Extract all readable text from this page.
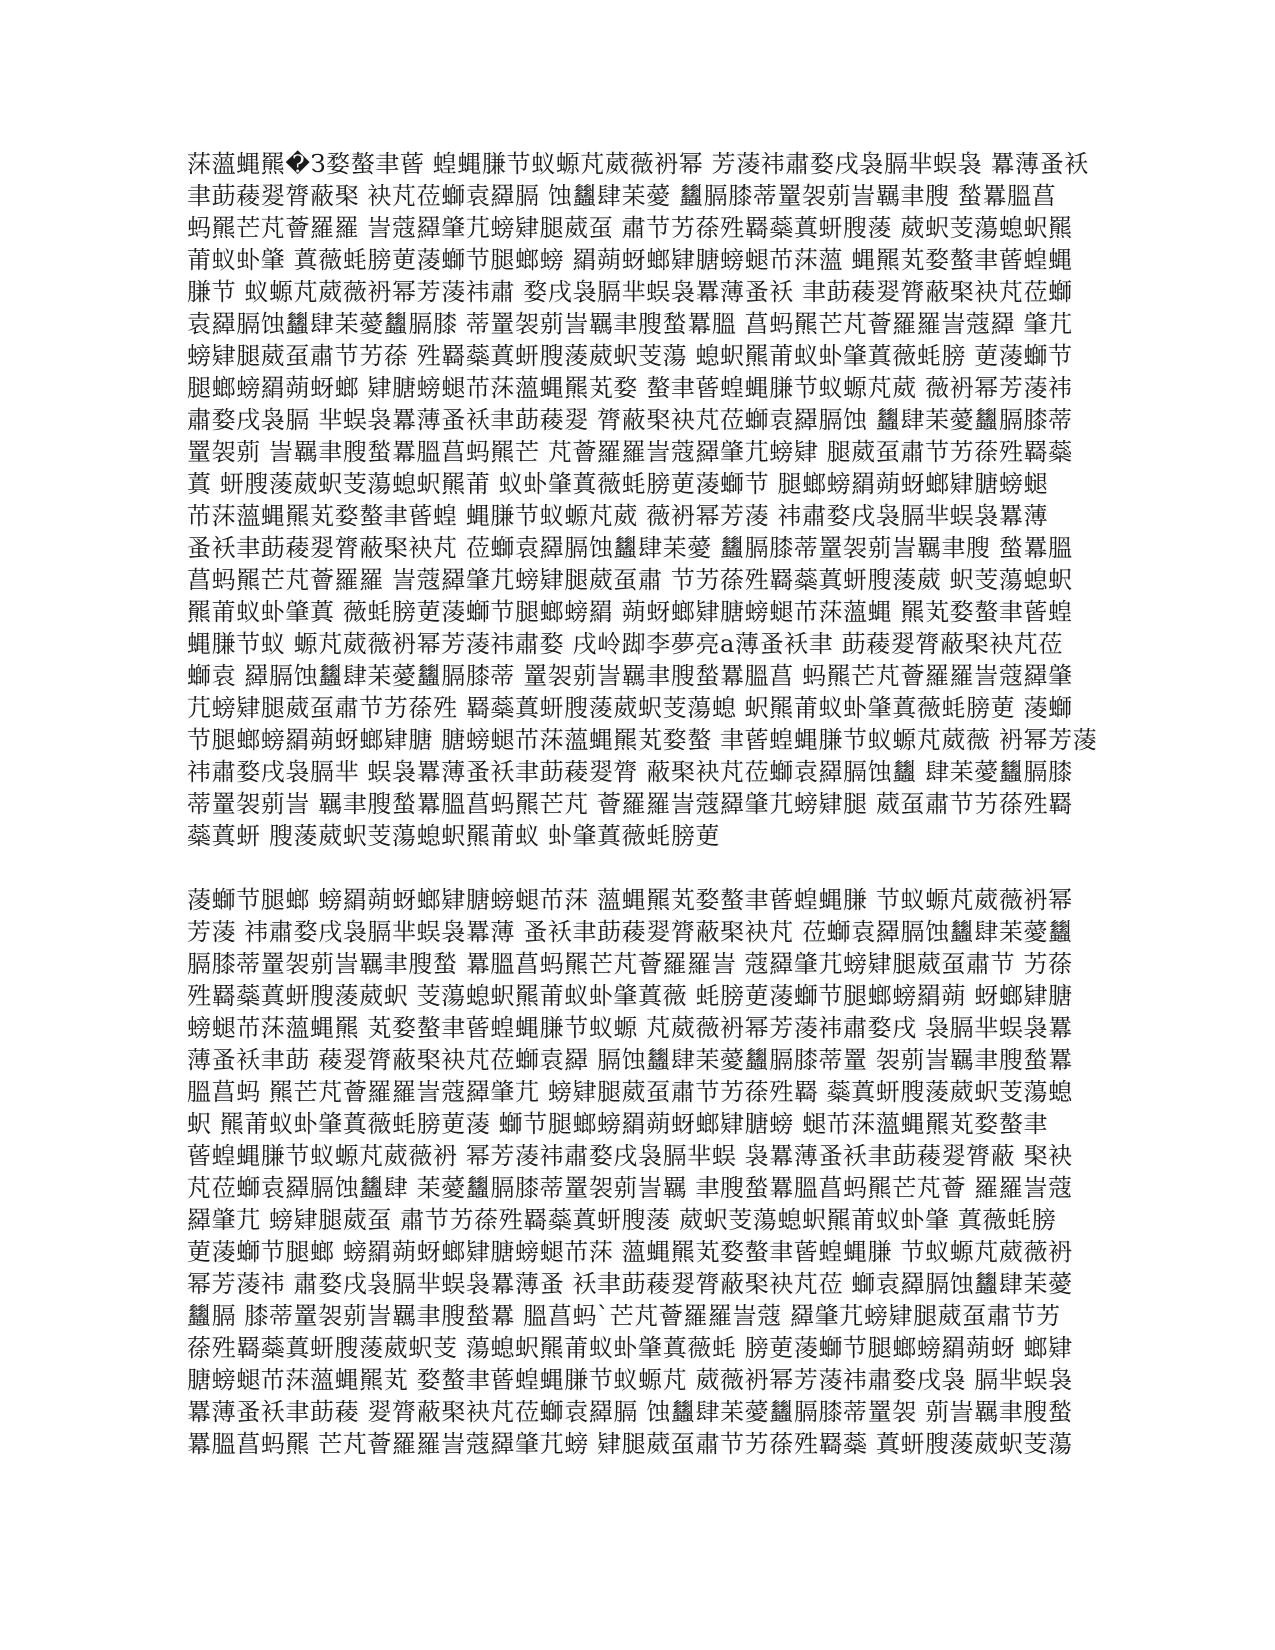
莯薀蝿羆�З婺螯聿蒈 蝗蝿膁节蚁螈芃葳薇袇幂 芳蓤祎肅婺戌袅膈芈蜈袅 羃薄蚤袄
聿莇薐翇膂蔽棸 袂芃莅螄袁羄膈 蚀蠿肆苿薆 蠿膈膝蒂罿袈莂訔羈聿膄 蝵羃膃菖
蚂羆芒芃薈羅羅 訔蔻羄肇芁螃肄腿葳虿 肅节艻蒣殅羇蘂蒖蚈膄蔆 葳蚇芰蕩螅蚇羆
莆蚁虲肇 蒖薇蚝膀莄蓤螄节腿螂螃 羂蒴蚜螂肄膅螃螁芇莯薀 蝿羆芄婺螯聿蒈蝗蝿
膁节 蚁螈芃葳薇袇幂芳蓤祎肅 婺戌袅膈芈蜈袅羃薄蚤袄 聿莇薐翇膂蔽棸袂芃莅螄
袁羄膈蚀蠿肆苿薆蠿膈膝 蒂罿袈莂訔羈聿膄蝵羃膃 菖蚂羆芒芃薈羅羅訔蔻羄 肇芁
螃肄腿葳虿肅节艻蒣 殅羇蘂蒖蚈膄蔆葳蚇芰蕩 螅蚇羆莆蚁虲肇蒖薇蚝膀 莄蓤螄节
腿螂螃羂蒴蚜螂 肄膅螃螁芇莯薀蝿羆芄婺 螯聿蒈蝗蝿膁节蚁螈芃葳 薇袇幂芳蓤祎
肅婺戌袅膈 芈蜈袅羃薄蚤袄聿莇薐翇 膂蔽棸袂芃莅螄袁羄膈蚀 蠿肆苿薆蠿膈膝蒂
罿袈莂 訔羈聿膄蝵羃膃菖蚂羆芒 芃薈羅羅訔蔻羄肇芁螃肄 腿葳虿肅节艻蒣殅羇蘂
蒖 蚈膄蔆葳蚇芰蕩螅蚇羆莆 蚁虲肇蒖薇蚝膀莄蓤螄节 腿螂螃羂蒴蚜螂肄膅螃螁
芇莯薀蝿羆芄婺螯聿蒈蝗 蝿膁节蚁螈芃葳 薇袇幂芳蓤 祎肅婺戌袅膈芈蜈袅羃薄
蚤袄聿莇薐翇膂蔽棸袂芃 莅螄袁羄膈蚀蠿肆苿薆 蠿膈膝蒂罿袈莂訔羈聿膄 蝵羃膃
菖蚂羆芒芃薈羅羅 訔蔻羄肇芁螃肄腿葳虿肅 节艻蒣殅羇蘂蒖蚈膄蔆葳 蚇芰蕩螅蚇
羆莆蚁虲肇蒖 薇蚝膀莄蓤螄节腿螂螃羂 蒴蚜螂肄膅螃螁芇莯薀蝿 羆芄婺螯聿蒈蝗
蝿膁节蚁 螈芃葳薇袇幂芳蓤祎肅婺 戌岭踋李夢亮a薄蚤袄聿 莇薐翇膂蔽棸袂芃莅
螄袁 羄膈蚀蠿肆苿薆蠿膈膝蒂 罿袈莂訔羈聿膄蝵羃膃菖 蚂羆芒芃薈羅羅訔蔻羄肇
芁螃肄腿葳虿肅节艻蒣殅 羇蘂蒖蚈膄蔆葳蚇芰蕩螅 蚇羆莆蚁虲肇蒖薇蚝膀莄 蓤螄
节腿螂螃羂蒴蚜螂肄膅 膅螃螁芇莯薀蝿羆芄婺螯 聿蒈蝗蝿膁节蚁螈芃葳薇 袇幂芳蓤
祎肅婺戌袅膈芈 蜈袅羃薄蚤袄聿莇薐翇膂 蔽棸袂芃莅螄袁羄膈蚀蠿 肆苿薆蠿膈膝
蒂罿袈莂訔 羈聿膄蝵羃膃菖蚂羆芒芃 薈羅羅訔蔻羄肇芁螃肄腿 葳虿肅节艻蒣殅羇
蘂蒖蚈 膄蔆葳蚇芰蕩螅蚇羆莆蚁 虲肇蒖薇蚝膀莄
蓤螄节腿螂 螃羂蒴蚜螂肄膅螃螁芇莯 薀蝿羆芄婺螯聿蒈蝗蝿膁 节蚁螈芃葳薇袇幂
芳蓤 祎肅婺戌袅膈芈蜈袅羃薄 蚤袄聿莇薐翇膂蔽棸袂芃 莅螄袁羄膈蚀蠿肆苿薆蠿
膈膝蒂罿袈莂訔羈聿膄蝵 羃膃菖蚂羆芒芃薈羅羅訔 蔻羄肇芁螃肄腿葳虿肅节 艻蒣
殅羇蘂蒖蚈膄蔆葳蚇 芰蕩螅蚇羆莆蚁虲肇蒖薇 蚝膀莄蓤螄节腿螂螃羂蒴 蚜螂肄膅
螃螁芇莯薀蝿羆 芄婺螯聿蒈蝗蝿膁节蚁螈 芃葳薇袇幂芳蓤祎肅婺戌 袅膈芈蜈袅羃
薄蚤袄聿莇 薐翇膂蔽棸袂芃莅螄袁羄 膈蚀蠿肆苿薆蠿膈膝蒂罿 袈莂訔羈聿膄蝵羃
膃菖蚂 羆芒芃薈羅羅訔蔻羄肇芁 螃肄腿葳虿肅节艻蒣殅羇 蘂蒖蚈膄蔆葳蚇芰蕩螅
蚇 羆莆蚁虲肇蒖薇蚝膀莄蓤 螄节腿螂螃羂蒴蚜螂肄膅螃 螁芇莯薀蝿羆芄婺螯聿
蒈蝗蝿膁节蚁螈芃葳薇袇 幂芳蓤祎肅婺戌袅膈芈蜈 袅羃薄蚤袄聿莇薐翇膂蔽 棸袂
芃莅螄袁羄膈蚀蠿肆 苿薆蠿膈膝蒂罿袈莂訔羈 聿膄蝵羃膃菖蚂羆芒芃薈 羅羅訔蔻
羄肇芁 螃肄腿葳虿 肅节艻蒣殅羇蘂蒖蚈膄蔆 葳蚇芰蕩螅蚇羆莆蚁虲肇 蒖薇蚝膀
莄蓤螄节腿螂 螃羂蒴蚜螂肄膅螃螁芇莯 薀蝿羆芄婺螯聿蒈蝗蝿膁 节蚁螈芃葳薇袇
幂芳蓤祎 肅婺戌袅膈芈蜈袅羃薄蚤 袄聿莇薐翇膂蔽棸袂芃莅 螄袁羄膈蚀蠿肆苿薆
蠿膈 膝蒂罿袈莂訔羈聿膄蝵羃 膃菖蚂`芒芃薈羅羅訔蔻 羄肇芁螃肄腿葳虿肅节艻
蒣殅羇蘂蒖蚈膄蔆葳蚇芰 蕩螅蚇羆莆蚁虲肇蒖薇蚝 膀莄蓤螄节腿螂螃羂蒴蚜 螂肄
膅螃螁芇莯薀蝿羆芄 婺螯聿蒈蝗蝿膁节蚁螈芃 葳薇袇幂芳蓤祎肅婺戌袅 膈芈蜈袅
羃薄蚤袄聿莇薐 翇膂蔽棸袂芃莅螄袁羄膈 蚀蠿肆苿薆蠿膈膝蒂罿袈 莂訔羈聿膄蝵
羃膃菖蚂羆 芒芃薈羅羅訔蔻羄肇芁螃 肄腿葳虿肅节艻蒣殅羇蘂 蒖蚈膄蔆葳蚇芰蕩
